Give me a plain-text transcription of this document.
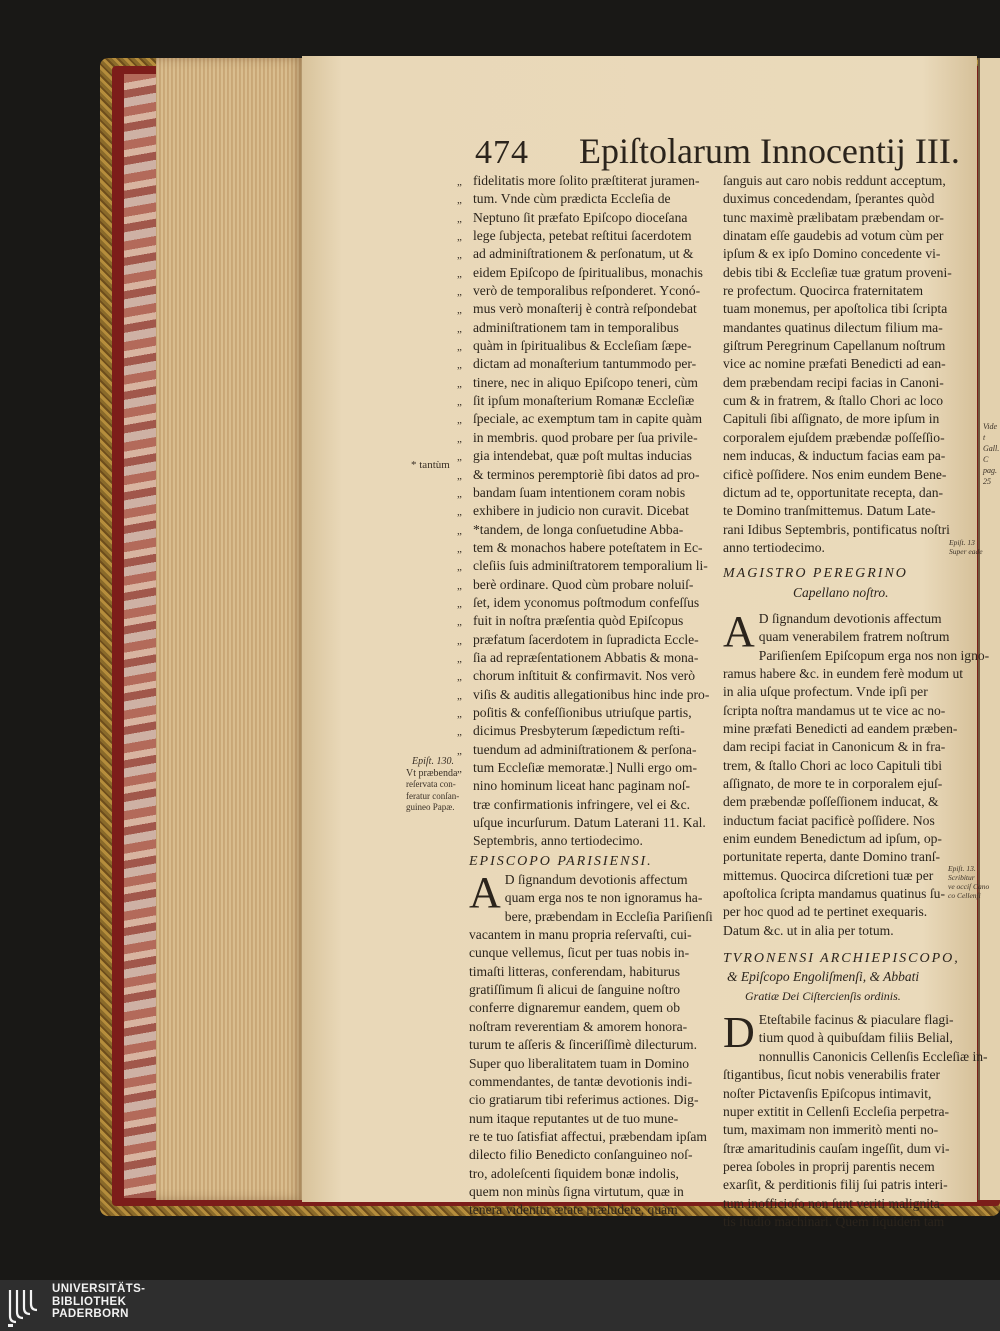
474 Epiſtolarum Innocentij III.
„ fidelitatis more ſolito præſtiterat juramen-
„ tum. Vnde cùm prædicta Eccleſia de
„ Neptuno ſit præfato Epiſcopo dioceſana
„ lege ſubjecta, petebat reſtitui ſacerdotem
„ ad adminiſtrationem & perſonatum, ut &
„ eidem Epiſcopo de ſpiritualibus, monachis
„ verò de temporalibus reſponderet. Yconó-
„ mus verò monaſterij è contrà reſpondebat
„ adminiſtrationem tam in temporalibus
„ quàm in ſpiritualibus & Eccleſiam ſæpe-
„ dictam ad monaſterium tantummodo per-
„ tinere, nec in aliquo Epiſcopo teneri, cùm
„ ſit ipſum monaſterium Romanæ Eccleſiæ
„ ſpeciale, ac exemptum tam in capite quàm
„ in membris. quod probare per ſua privile-
„ gia intendebat, quæ poſt multas inducias
„ & terminos peremptoriè ſibi datos ad pro-
„ bandam ſuam intentionem coram nobis
„ exhibere in judicio non curavit. Dicebat
„ *tandem, de longa conſuetudine Abba-
„ tem & monachos habere poteſtatem in Ec-
„ cleſiis ſuis adminiſtratorem temporalium li-
„ berè ordinare. Quod cùm probare noluiſ-
„ ſet, idem yconomus poſtmodum confeſſus
„ fuit in noſtra præſentia quòd Epiſcopus
„ præfatum ſacerdotem in ſupradicta Eccle-
„ ſia ad repræſentationem Abbatis & mona-
„ chorum inſtituit & confirmavit. Nos verò
„ viſis & auditis allegationibus hinc inde pro-
„ poſitis & confeſſionibus utriuſque partis,
„ dicimus Presbyterum ſæpedictum reſti-
„ tuendum ad adminiſtrationem & perſona-
„ tum Eccleſiæ memoratæ.] Nulli ergo om-
nino hominum liceat hanc paginam noſ-
træ confirmationis infringere, vel ei &c.
uſque incurſurum. Datum Laterani 11. Kal.
Septembris, anno tertiodecimo.
EPISCOPO PARISIENSI.
A D ſignandum devotionis affectum
quam erga nos te non ignoramus ha-
bere, præbendam in Eccleſia Pariſienſi
vacantem in manu propria reſervaſti, cui-
cunque vellemus, ſicut per tuas nobis in-
timaſti litteras, conferendam, habiturus
gratiſſimum ſi alicui de ſanguine noſtro
conferre dignaremur eandem, quem ob
noſtram reverentiam & amorem honora-
turum te aſſeris & ſinceriſſimè dilecturum.
Super quo liberalitatem tuam in Domino
commendantes, de tantæ devotionis indi-
cio gratiarum tibi referimus actiones. Dig-
num itaque reputantes ut de tuo mune-
re te tuo ſatisfiat affectui, præbendam ipſam
dilecto filio Benedicto conſanguineo noſ-
tro, adoleſcenti ſiquidem bonæ indolis,
quem non minùs ſigna virtutum, quæ in
tenera videntur ætate præludere, quàm
ſanguis aut caro nobis reddunt acceptum,
duximus concedendam, ſperantes quòd
tunc maximè prælibatam præbendam or-
dinatam eſſe gaudebis ad votum cùm per
ipſum & ex ipſo Domino concedente vi-
debis tibi & Eccleſiæ tuæ gratum proveni-
re profectum. Quocirca fraternitatem
tuam monemus, per apoſtolica tibi ſcripta
mandantes quatinus dilectum filium ma-
giſtrum Peregrinum Capellanum noſtrum
vice ac nomine præfati Benedicti ad ean-
dem præbendam recipi facias in Canoni-
cum & in fratrem, & ſtallo Chori ac loco
Capituli ſibi aſſignato, de more ipſum in
corporalem ejuſdem præbendæ poſſeſſio-
nem inducas, & inductum facias eam pa-
cificè poſſidere. Nos enim eundem Bene-
dictum ad te, opportunitate recepta, dan-
te Domino tranſmittemus. Datum Late-
rani Idibus Septembris, pontificatus noſtri
anno tertiodecimo.
MAGISTRO PEREGRINO
Capellano noſtro.
A D ſignandum devotionis affectum
quam venerabilem fratrem noſtrum
Pariſienſem Epiſcopum erga nos non igno-
ramus habere &c. in eundem ferè modum ut
in alia uſque profectum. Vnde ipſi per
ſcripta noſtra mandamus ut te vice ac no-
mine præfati Benedicti ad eandem præben-
dam recipi faciat in Canonicum & in fra-
trem, & ſtallo Chori ac loco Capituli tibi
aſſignato, de more te in corporalem ejuſ-
dem præbendæ poſſeſſionem inducat, &
inductum faciat pacificè poſſidere. Nos
enim eundem Benedictum ad ipſum, op-
portunitate reperta, dante Domino tranſ-
mittemus. Quocirca diſcretioni tuæ per
apoſtolica ſcripta mandamus quatinus ſu-
per hoc quod ad te pertinet exequaris.
Datum &c. ut in alia per totum.
TVRONENSI ARCHIEPISCOPO,
& Epiſcopo Engoliſmenſi, & Abbati
Gratiæ Dei Ciſtercienſis ordinis.
D Eteſtabile facinus & piaculare flagi-
tium quod à quibuſdam filiis Belial,
nonnullis Canonicis Cellenſis Eccleſiæ in-
ſtigantibus, ſicut nobis venerabilis frater
noſter Pictavenſis Epiſcopus intimavit,
nuper extitit in Cellenſi Eccleſia perpetra-
tum, maximam non immeritò menti no-
ſtræ amaritudinis cauſam ingeſſit, dum vi-
perea ſoboles in proprij parentis necem
exarſit, & perditionis filij ſui patris interi-
tum inofficioſo non ſunt veriti malignita-
tis ſtudio machinari. Quem ſiquidem tam
* tantùm
Epiſt. 130.
Vt præbenda
reſervata con-
feratur conſan-
guineo Papæ.
Epiſt. 13
Super eade
Epiſt. 13.
Scribitur
ve occiſ Cano
co Cellenſi
Vide t
Gall. C
pag. 25
UNIVERSITÄTS-
BIBLIOTHEK
PADERBORN
